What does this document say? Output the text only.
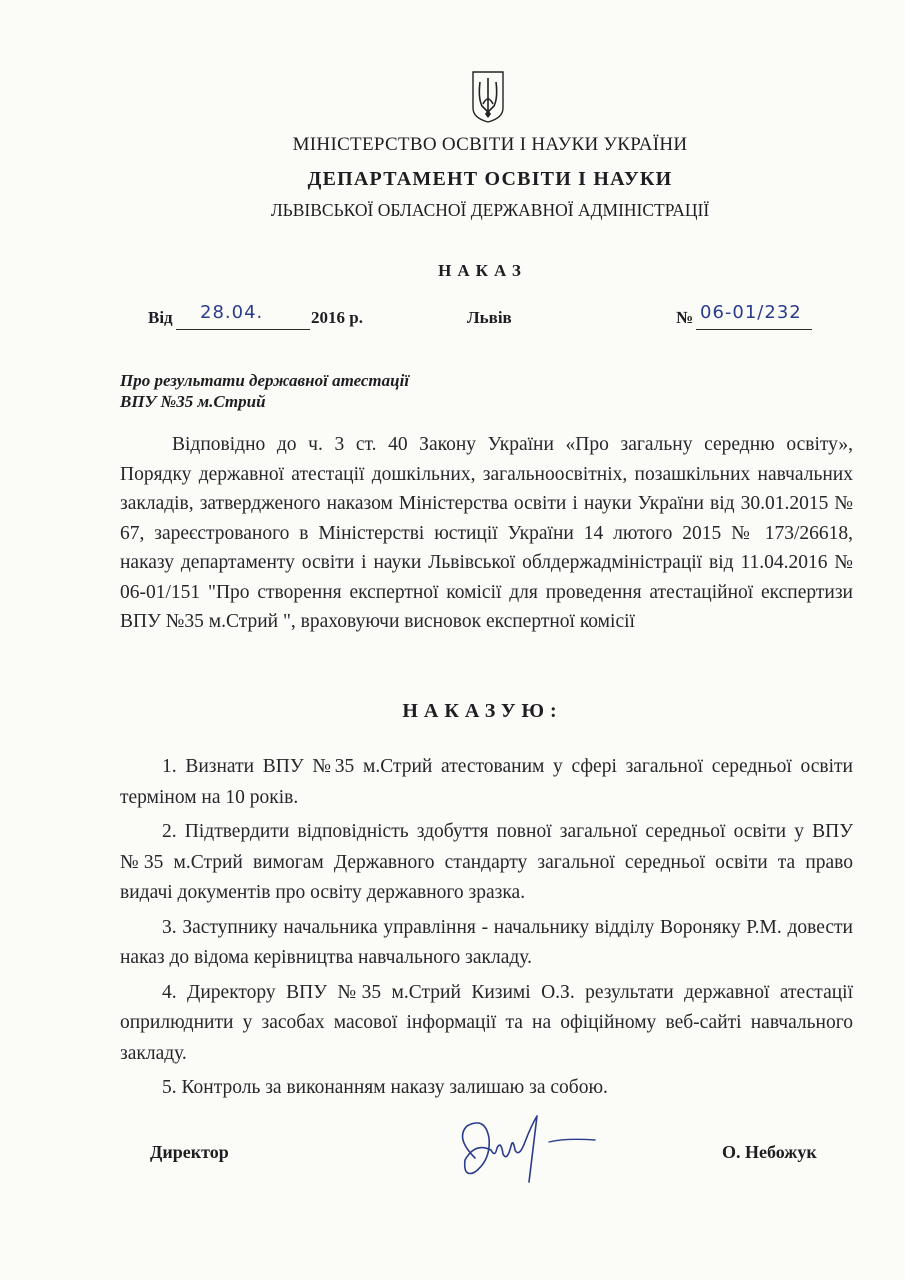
МІНІСТЕРСТВО ОСВІТИ І НАУКИ УКРАЇНИ
ДЕПАРТАМЕНТ ОСВІТИ І НАУКИ
ЛЬВІВСЬКОЇ ОБЛАСНОЇ ДЕРЖАВНОЇ АДМІНІСТРАЦІЇ
НАКАЗ
Від 28.04.	2016 р.	Львів	№ 06-01/232
Про результати державної атестації
ВПУ №35 м.Стрий

Відповідно до ч. 3 ст. 40 Закону України «Про загальну середню освіту», Порядку державної атестації дошкільних, загальноосвітніх, позашкільних навчальних закладів, затвердженого наказом Міністерства освіти і науки України від 30.01.2015 № 67, зареєстрованого в Міністерстві юстиції України 14 лютого 2015 № 173/26618, наказу департаменту освіти і науки Львівської облдержадміністрації від 11.04.2016 № 06-01/151 "Про створення експертної комісії для проведення атестаційної експертизи ВПУ №35 м.Стрий ", враховуючи висновок експертної комісії

НАКАЗУЮ:

1. Визнати ВПУ №35 м.Стрий атестованим у сфері загальної середньої освіти терміном на 10 років.

2. Підтвердити відповідність здобуття повної загальної середньої освіти у ВПУ №35 м.Стрий вимогам Державного стандарту загальної середньої освіти та право видачі документів про освіту державного зразка.

3. Заступнику начальника управління - начальнику відділу Вороняку Р.М. довести наказ до відома керівництва навчального закладу.

4. Директору ВПУ №35 м.Стрий Кизимі О.З. результати державної атестації оприлюднити у засобах масової інформації та на офіційному веб-сайті навчального закладу.

5. Контроль за виконанням наказу залишаю за собою.

Директор	О. Небожук
